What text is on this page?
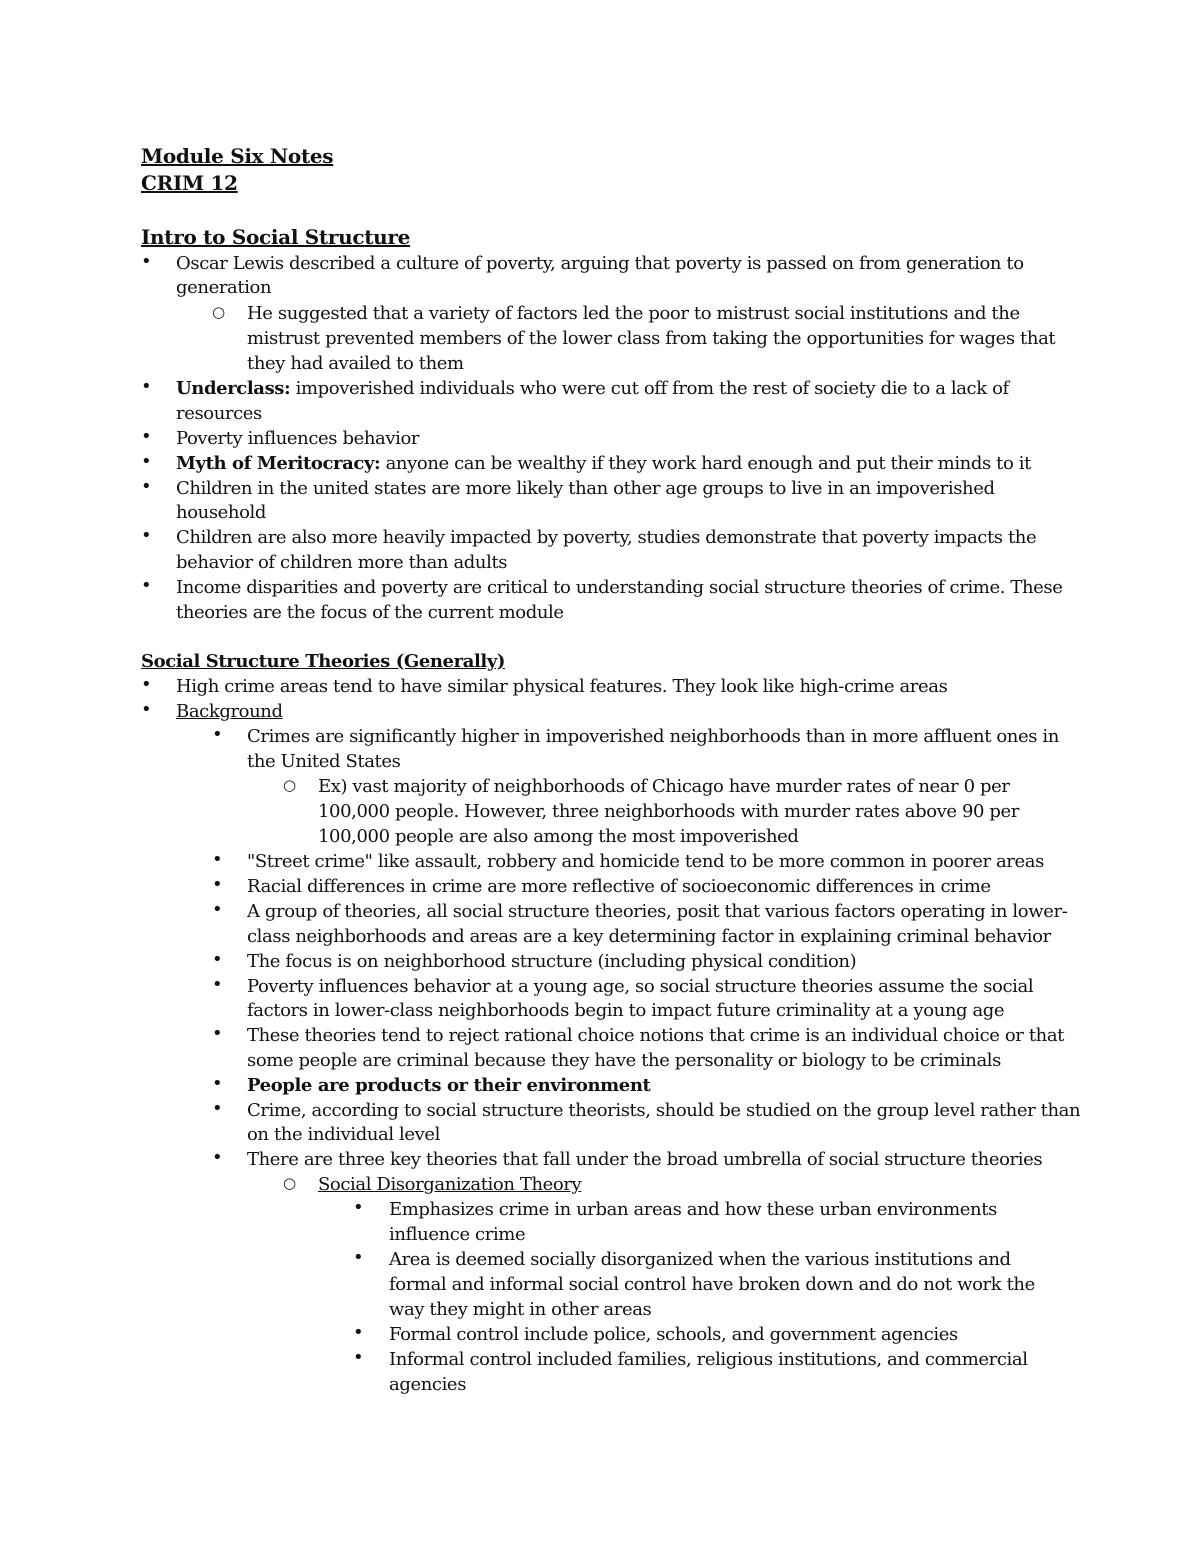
Module Six Notes
CRIM 12
Intro to Social Structure
• Oscar Lewis described a culture of poverty, arguing that poverty is passed on from generation to
generation
○ He suggested that a variety of factors led the poor to mistrust social institutions and the
mistrust prevented members of the lower class from taking the opportunities for wages that
they had availed to them
• Underclass: impoverished individuals who were cut off from the rest of society die to a lack of
resources
• Poverty influences behavior
• Myth of Meritocracy: anyone can be wealthy if they work hard enough and put their minds to it
• Children in the united states are more likely than other age groups to live in an impoverished
household
• Children are also more heavily impacted by poverty, studies demonstrate that poverty impacts the
behavior of children more than adults
• Income disparities and poverty are critical to understanding social structure theories of crime. These
theories are the focus of the current module
Social Structure Theories (Generally)
• High crime areas tend to have similar physical features. They look like high-crime areas
• Background
• Crimes are significantly higher in impoverished neighborhoods than in more affluent ones in
the United States
○ Ex) vast majority of neighborhoods of Chicago have murder rates of near 0 per
100,000 people. However, three neighborhoods with murder rates above 90 per
100,000 people are also among the most impoverished
• "Street crime" like assault, robbery and homicide tend to be more common in poorer areas
• Racial differences in crime are more reflective of socioeconomic differences in crime
• A group of theories, all social structure theories, posit that various factors operating in lower-
class neighborhoods and areas are a key determining factor in explaining criminal behavior
• The focus is on neighborhood structure (including physical condition)
• Poverty influences behavior at a young age, so social structure theories assume the social
factors in lower-class neighborhoods begin to impact future criminality at a young age
• These theories tend to reject rational choice notions that crime is an individual choice or that
some people are criminal because they have the personality or biology to be criminals
• People are products or their environment
• Crime, according to social structure theorists, should be studied on the group level rather than
on the individual level
• There are three key theories that fall under the broad umbrella of social structure theories
○ Social Disorganization Theory
• Emphasizes crime in urban areas and how these urban environments
influence crime
• Area is deemed socially disorganized when the various institutions and
formal and informal social control have broken down and do not work the
way they might in other areas
• Formal control include police, schools, and government agencies
• Informal control included families, religious institutions, and commercial
agencies
